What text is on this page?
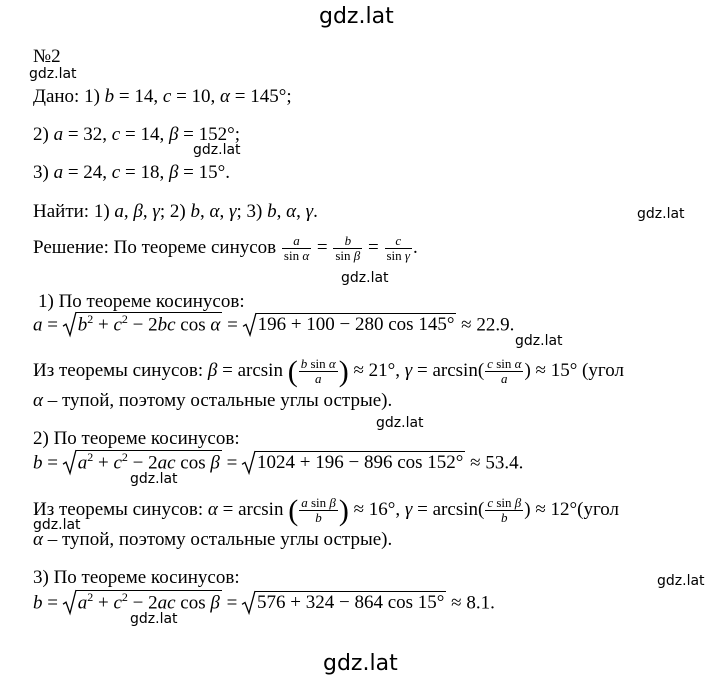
gdz.lat
gdz.lat
gdz.lat
gdz.lat
gdz.lat
gdz.lat
gdz.lat
gdz.lat
gdz.lat
gdz.lat
gdz.lat
gdz.lat
№2
Дано: 1) b = 14, c = 10, α = 145°;
2) a = 32, c = 14, β = 152°;
3) a = 24, c = 18, β = 15°.
Найти: 1) a, β, γ; 2) b, α, γ; 3) b, α, γ.
Решение: По теореме синусов $\frac{a}{\text{sin α}} = \frac{b}{\text{sin β}} = \frac{c}{\text{sin γ}}$ .
1) По теореме косинусов:
a =
$b^2 + c^2 - 2bc$ cos α =
196 + 100 − 280 cos 145° ≈ 22.9.
Из теоремы синусов: β = arcsin ( $\frac{\text{b sin α}}{a}$ ) ≈ 21°, $\gamma = \arcsin( \frac{\text{c sin α}}{a}$ ) ≈ 15° (угол
α – тупой, поэтому остальные углы острые).
2) По теореме косинусов:
b =
$a^2 + c^2 - 2ac$ cos β =
1024 + 196 − 896 cos 152° ≈ 53.4.
Из теоремы синусов: α = arcsin ( $\frac{\text{a sin β}}{b}$ ) ≈ 16°, $\gamma = \arcsin( \frac{\text{c sin β}}{b}$ ) ≈ 12°(угол
α – тупой, поэтому остальные углы острые).
3) По теореме косинусов:
b =
$a^2 + c^2 - 2ac$ cos β =
576 + 324 − 864 cos 15° ≈ 8.1.
